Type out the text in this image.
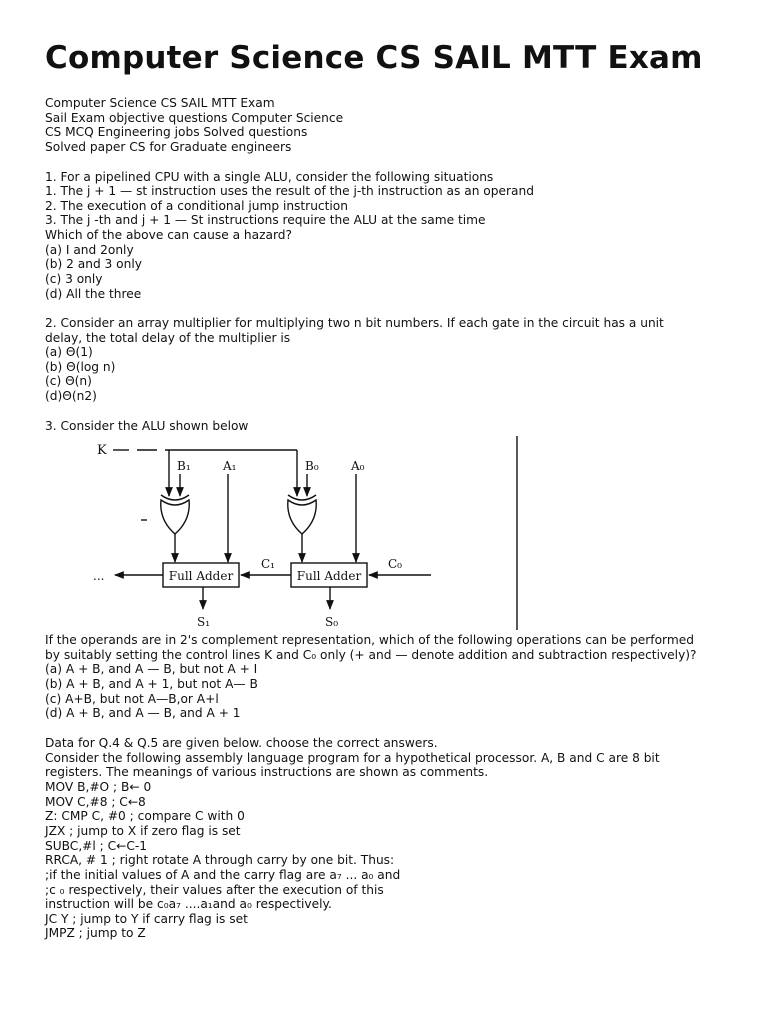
Computer Science CS SAIL MTT Exam
Computer Science CS SAIL MTT Exam
Sail Exam objective questions Computer Science
CS MCQ Engineering jobs Solved questions
Solved paper CS for Graduate engineers
1. For a pipelined CPU with a single ALU, consider the following situations
1. The j + 1 — st instruction uses the result of the j-th instruction as an operand
2. The execution of a conditional jump instruction
3. The j -th and j + 1 — St instructions require the ALU at the same time
Which of the above can cause a hazard?
(a) I and 2only
(b) 2 and 3 only
(c) 3 only
(d) All the three
2. Consider an array multiplier for multiplying two n bit numbers. If each gate in the circuit has a unit
delay, the total delay of the multiplier is
(a) Θ(1)
(b) Θ(log n)
(c) Θ(n)
(d)Θ(n2)
3. Consider the ALU shown below
K
B₁	A₁	B₀	A₀
Full Adder	Full Adder
C₁	C₀
...
S₁	S₀
If the operands are in 2's complement representation, which of the following operations can be performed
by suitably setting the control lines K and C₀ only (+ and — denote addition and subtraction respectively)?
(a) A + B, and A — B, but not A + I
(b) A + B, and A + 1, but not A— B
(c) A+B, but not A—B,or A+l
(d) A + B, and A — B, and A + 1
Data for Q.4 & Q.5 are given below. choose the correct answers.
Consider the following assembly language program for a hypothetical processor. A, B and C are 8 bit
registers. The meanings of various instructions are shown as comments.
MOV B,#O ; B← 0
MOV C,#8 ; C←8
Z: CMP C, #0 ; compare C with 0
JZX ; jump to X if zero flag is set
SUBC,#l ; C←C-1
RRCA, # 1 ; right rotate A through carry by one bit. Thus:
;if the initial values of A and the carry flag are a₇ ... a₀ and
;c ₀ respectively, their values after the execution of this
instruction will be c₀a₇ ....a₁and a₀ respectively.
JC Y ; jump to Y if carry flag is set
JMPZ ; jump to Z
